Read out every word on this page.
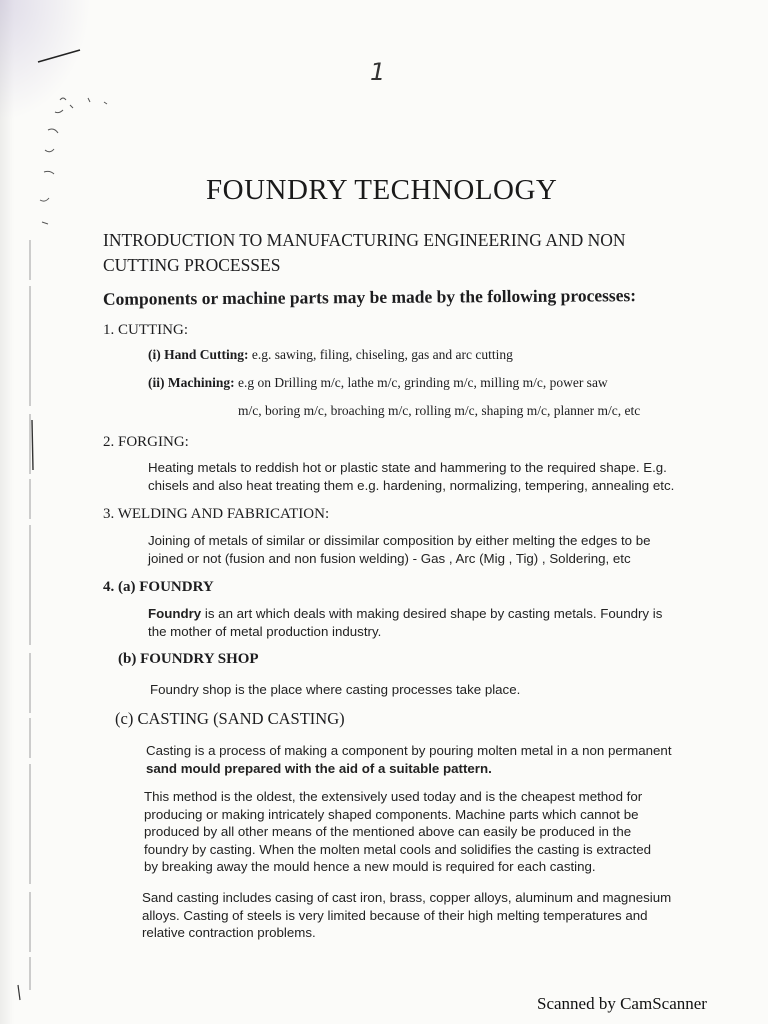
1
FOUNDRY TECHNOLOGY
INTRODUCTION TO MANUFACTURING ENGINEERING AND NON
CUTTING PROCESSES
Components or machine parts may be made by the following processes:
1. CUTTING:
(i) Hand Cutting: e.g. sawing, filing, chiseling, gas and arc cutting
(ii) Machining: e.g on Drilling m/c, lathe m/c, grinding m/c, milling m/c, power saw
m/c, boring m/c, broaching m/c, rolling m/c, shaping m/c, planner m/c, etc
2. FORGING:
Heating metals to reddish hot or plastic state and hammering to the required shape. E.g.
chisels and also heat treating them e.g. hardening, normalizing, tempering, annealing etc.
3. WELDING AND FABRICATION:
Joining of metals of similar or dissimilar composition by either melting the edges to be
joined or not (fusion and non fusion welding) - Gas , Arc (Mig , Tig) , Soldering, etc
4. (a) FOUNDRY
Foundry is an art which deals with making desired shape by casting metals. Foundry is
the mother of metal production industry.
(b) FOUNDRY SHOP
Foundry shop is the place where casting processes take place.
(c) CASTING (SAND CASTING)
Casting is a process of making a component by pouring molten metal in a non permanent
sand mould prepared with the aid of a suitable pattern.
This method is the oldest, the extensively used today and is the cheapest method for
producing or making intricately shaped components. Machine parts which cannot be
produced by all other means of the mentioned above can easily be produced in the
foundry by casting. When the molten metal cools and solidifies the casting is extracted
by breaking away the mould hence a new mould is required for each casting.
Sand casting includes casing of cast iron, brass, copper alloys, aluminum and magnesium
alloys. Casting of steels is very limited because of their high melting temperatures and
relative contraction problems.
Scanned by CamScanner
